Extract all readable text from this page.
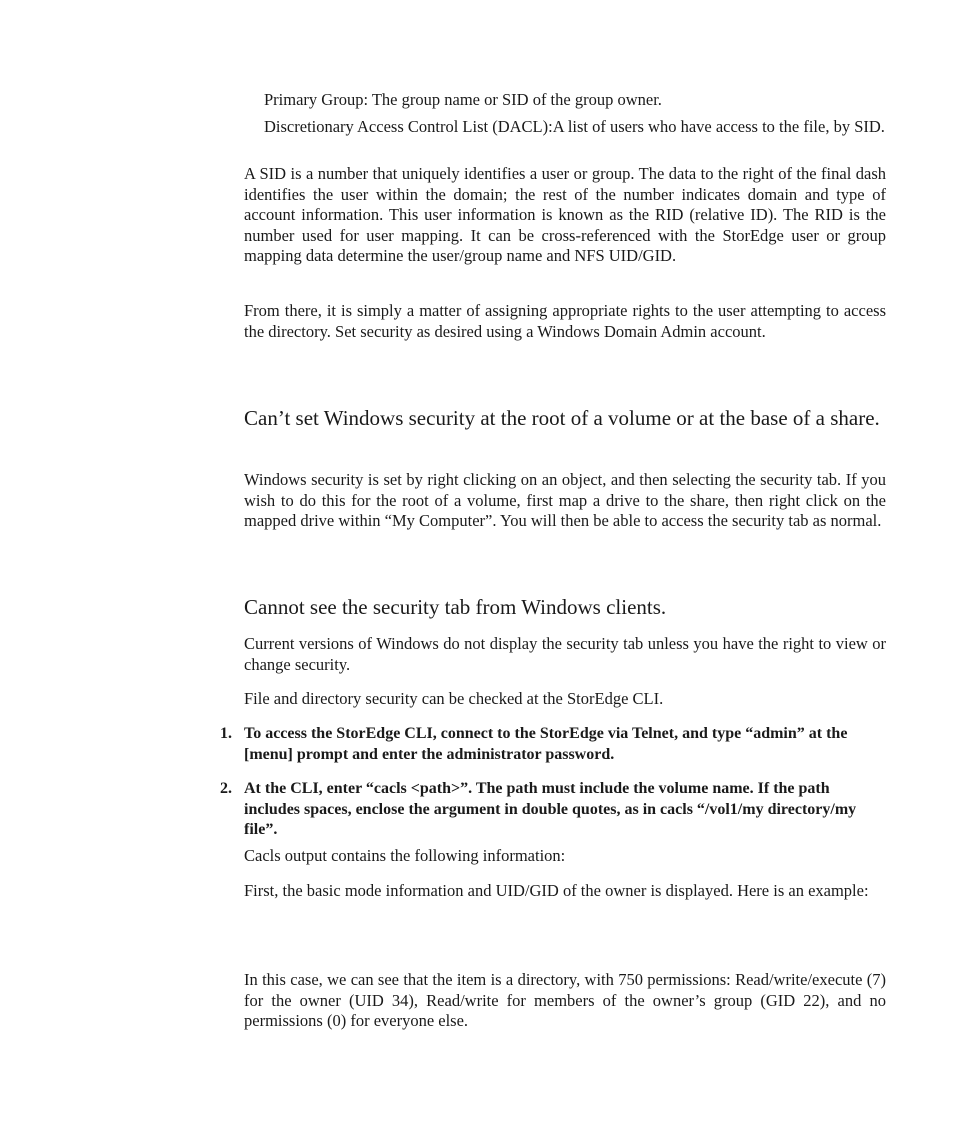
Primary Group: The group name or SID of the group owner.

Discretionary Access Control List (DACL):A list of users who have access to the file, by SID.

A SID is a number that uniquely identifies a user or group. The data to the right of the final dash identifies the user within the domain; the rest of the number indicates domain and type of account information. This user information is known as the RID (relative ID). The RID is the number used for user mapping. It can be cross-referenced with the StorEdge user or group mapping data determine the user/group name and NFS UID/GID.

From there, it is simply a matter of assigning appropriate rights to the user attempting to access the directory. Set security as desired using a Windows Domain Admin account.

Can’t set Windows security at the root of a volume or at the base of a share.

Windows security is set by right clicking on an object, and then selecting the security tab. If you wish to do this for the root of a volume, first map a drive to the share, then right click on the mapped drive within “My Computer”. You will then be able to access the security tab as normal.

Cannot see the security tab from Windows clients.

Current versions of Windows do not display the security tab unless you have the right to view or change security.

File and directory security can be checked at the StorEdge CLI.

1. To access the StorEdge CLI, connect to the StorEdge via Telnet, and type “admin” at the [menu] prompt and enter the administrator password.
2. At the CLI, enter “cacls <path>”. The path must include the volume name. If the path includes spaces, enclose the argument in double quotes, as in cacls “/vol1/my directory/my file”.

Cacls output contains the following information:

First, the basic mode information and UID/GID of the owner is displayed. Here is an example:

In this case, we can see that the item is a directory, with 750 permissions: Read/write/execute (7) for the owner (UID 34), Read/write for members of the owner’s group (GID 22), and no permissions (0) for everyone else.
